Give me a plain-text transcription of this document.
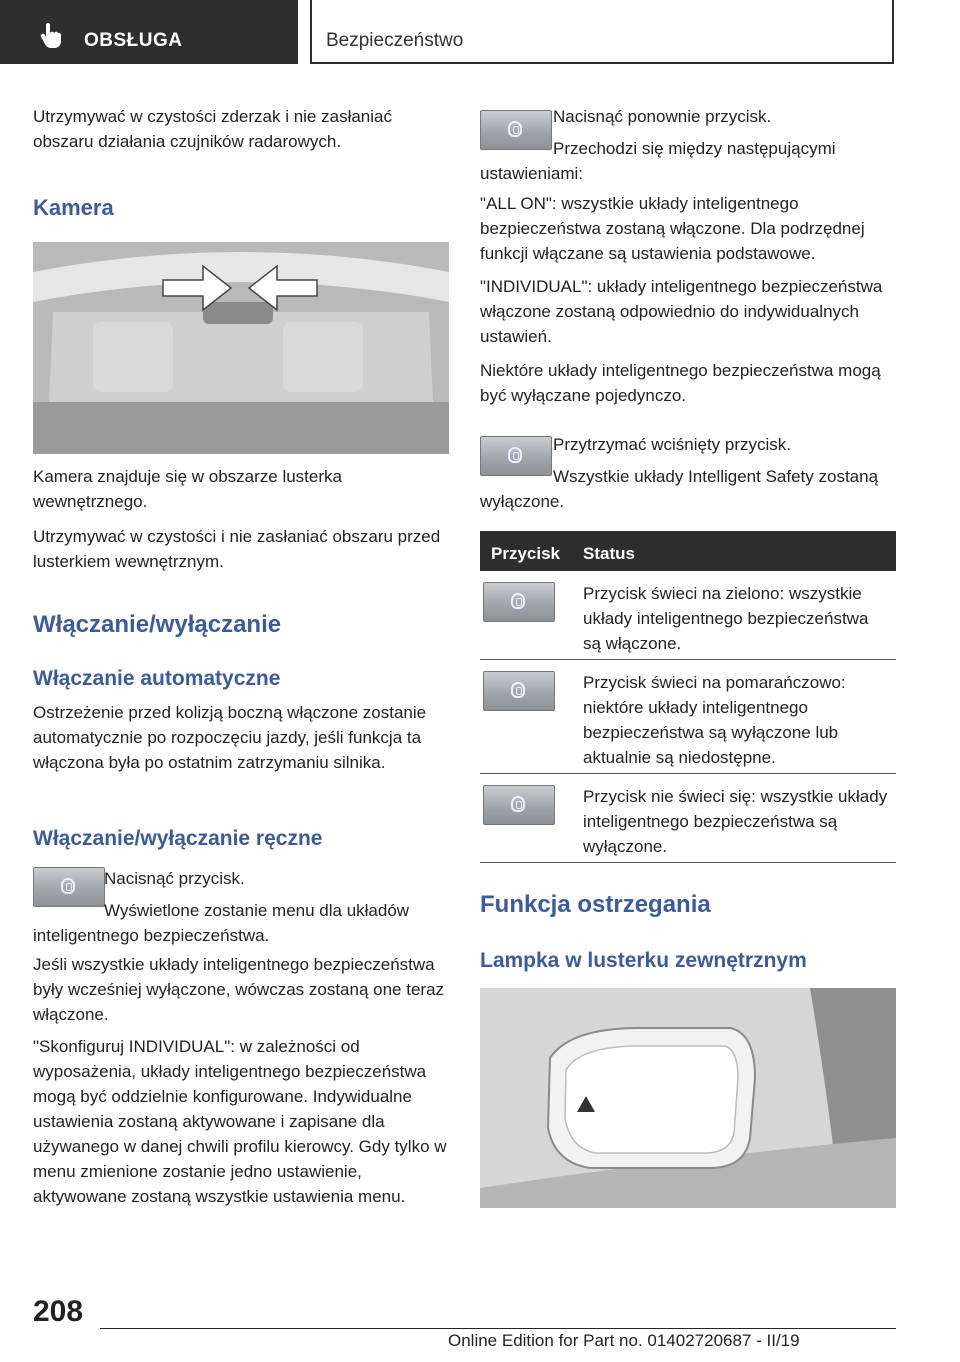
OBSŁUGA	Bezpieczeństwo

Utrzymywać w czystości zderzak i nie zasłaniać obszaru działania czujników radarowych.

Kamera

Kamera znajduje się w obszarze lusterka wewnętrznego.

Utrzymywać w czystości i nie zasłaniać obszaru przed lusterkiem wewnętrznym.

Włączanie/wyłączanie
Włączanie automatyczne

Ostrzeżenie przed kolizją boczną włączone zostanie automatycznie po rozpoczęciu jazdy, jeśli funkcja ta włączona była po ostatnim zatrzymaniu silnika.

Włączanie/wyłączanie ręczne

Nacisnąć przycisk.

Wyświetlone zostanie menu dla układów inteligentnego bezpieczeństwa.

Jeśli wszystkie układy inteligentnego bezpieczeństwa były wcześniej wyłączone, wówczas zostaną one teraz włączone.

"Skonfiguruj INDIVIDUAL": w zależności od wyposażenia, układy inteligentnego bezpieczeństwa mogą być oddzielnie konfigurowane. Indywidualne ustawienia zostaną aktywowane i zapisane dla używanego w danej chwili profilu kierowcy. Gdy tylko w menu zmienione zostanie jedno ustawienie, aktywowane zostaną wszystkie ustawienia menu.

Nacisnąć ponownie przycisk.

Przechodzi się między następującymi ustawieniami:

"ALL ON": wszystkie układy inteligentnego bezpieczeństwa zostaną włączone. Dla podrzędnej funkcji włączane są ustawienia podstawowe.

"INDIVIDUAL": układy inteligentnego bezpieczeństwa włączone zostaną odpowiednio do indywidualnych ustawień.

Niektóre układy inteligentnego bezpieczeństwa mogą być wyłączane pojedynczo.

Przytrzymać wciśnięty przycisk.

Wszystkie układy Intelligent Safety zostaną wyłączone.

Przycisk Status
Przycisk świeci na zielono: wszystkie układy inteligentnego bezpieczeństwa są włączone.
Przycisk świeci na pomarańczowo: niektóre układy inteligentnego bezpieczeństwa są wyłączone lub aktualnie są niedostępne.
Przycisk nie świeci się: wszystkie układy inteligentnego bezpieczeństwa są wyłączone.
Funkcja ostrzegania
Lampka w lusterku zewnętrznym
208
Online Edition for Part no. 01402720687 - II/19
